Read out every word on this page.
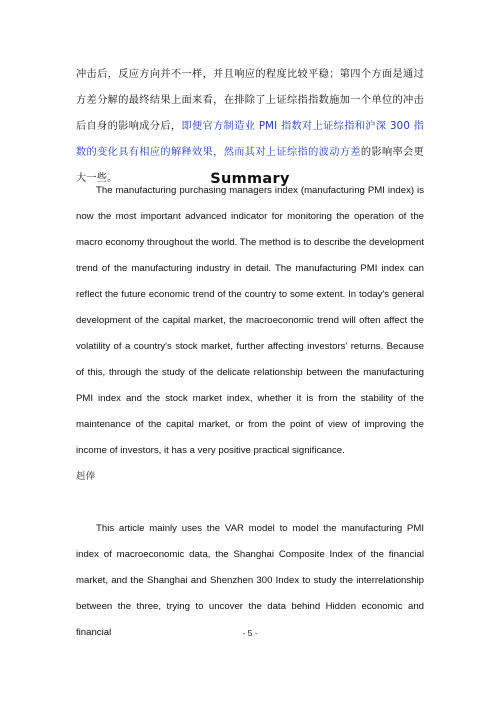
冲击后，反应方向并不一样，并且响应的程度比较平稳；第四个方面是通过方差分解的最终结果上面来看，在排除了上证综指指数施加一个单位的冲击后自身的影响成分后，即便官方制造业 PMI 指数对上证综指和沪深 300 指数的变化具有相应的解释效果，然而其对上证综指的波动方差的影响率会更大一些。	Summary
The manufacturing purchasing managers index (manufacturing PMI index) is now the most important advanced indicator for monitoring the operation of the macro economy throughout the world. The method is to describe the development trend of the manufacturing industry in detail. The manufacturing PMI index can reflect the future economic trend of the country to some extent. In today's general development of the capital market, the macroeconomic trend will often affect the volatility of a country's stock market, further affecting investors' returns. Because of this, through the study of the delicate relationship between the manufacturing PMI index and the stock market index, whether it is from the stability of the maintenance of the capital market, or from the point of view of improving the income of investors, it has a very positive practical significance.
赳俸
This article mainly uses the VAR model to model the manufacturing PMI index of macroeconomic data, the Shanghai Composite Index of the financial market, and the Shanghai and Shenzhen 300 Index to study the interrelationship between the three, trying to uncover the data behind Hidden economic and financial	- 5 -
